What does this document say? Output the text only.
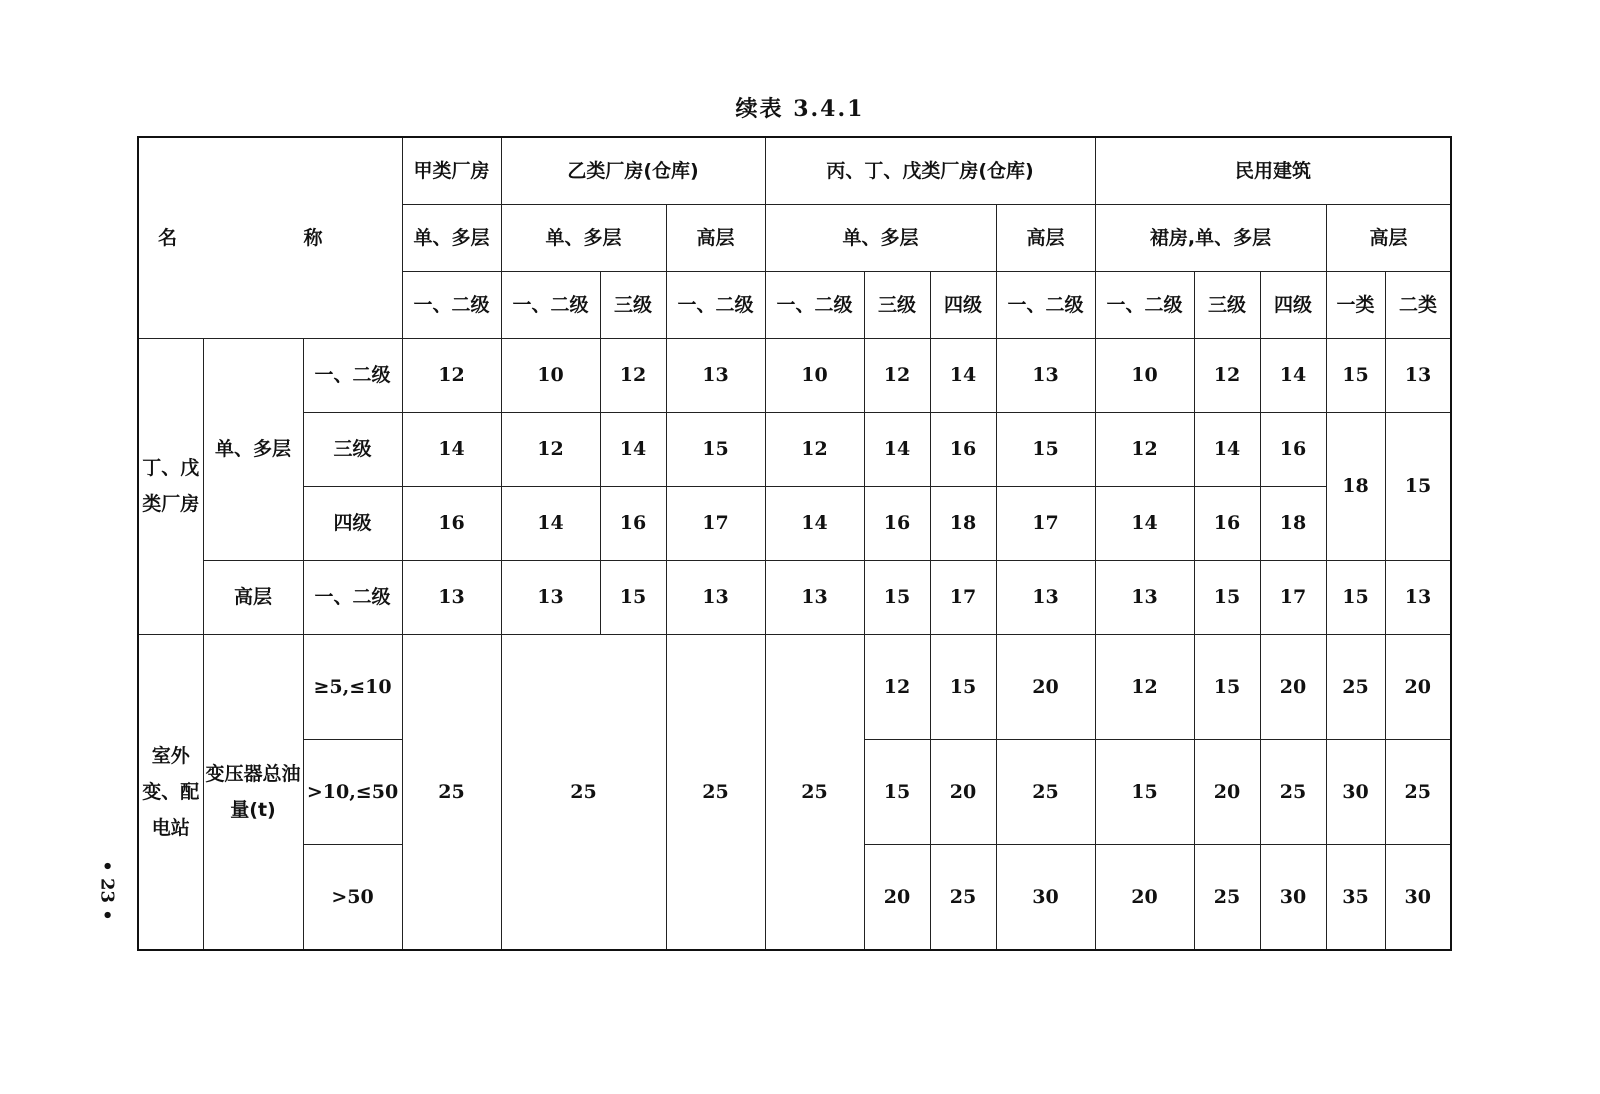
续表 3.4.1
名 称			甲类厂房	乙类厂房(仓库)			丙、丁、戊类厂房(仓库)				民用建筑				
			单、多层	单、多层		高层	单、多层			高层	裙房,单、多层			高层	
			一、二级	一、二级	三级	一、二级	一、二级	三级	四级	一、二级	一、二级	三级	四级	一类	二类
丁、戊类厂房	单、多层	一、二级	12	10	12	13	10	12	14	13	10	12	14	15	13
		三级	14	12	14	15	12	14	16	15	12	14	16	18	15
		四级	16	14	16	17	14	16	18	17	14	16	18		
	高层	一、二级	13	13	15	13	13	15	17	13	13	15	17	15	13
室外变、配电站	变压器总油量(t)	≥5,≤10	25	25		25	25	12	15	20	12	15	20	25	20
		>10,≤50						15	20	25	15	20	25	30	25
		>50						20	25	30	20	25	30	35	30
• 23 •
